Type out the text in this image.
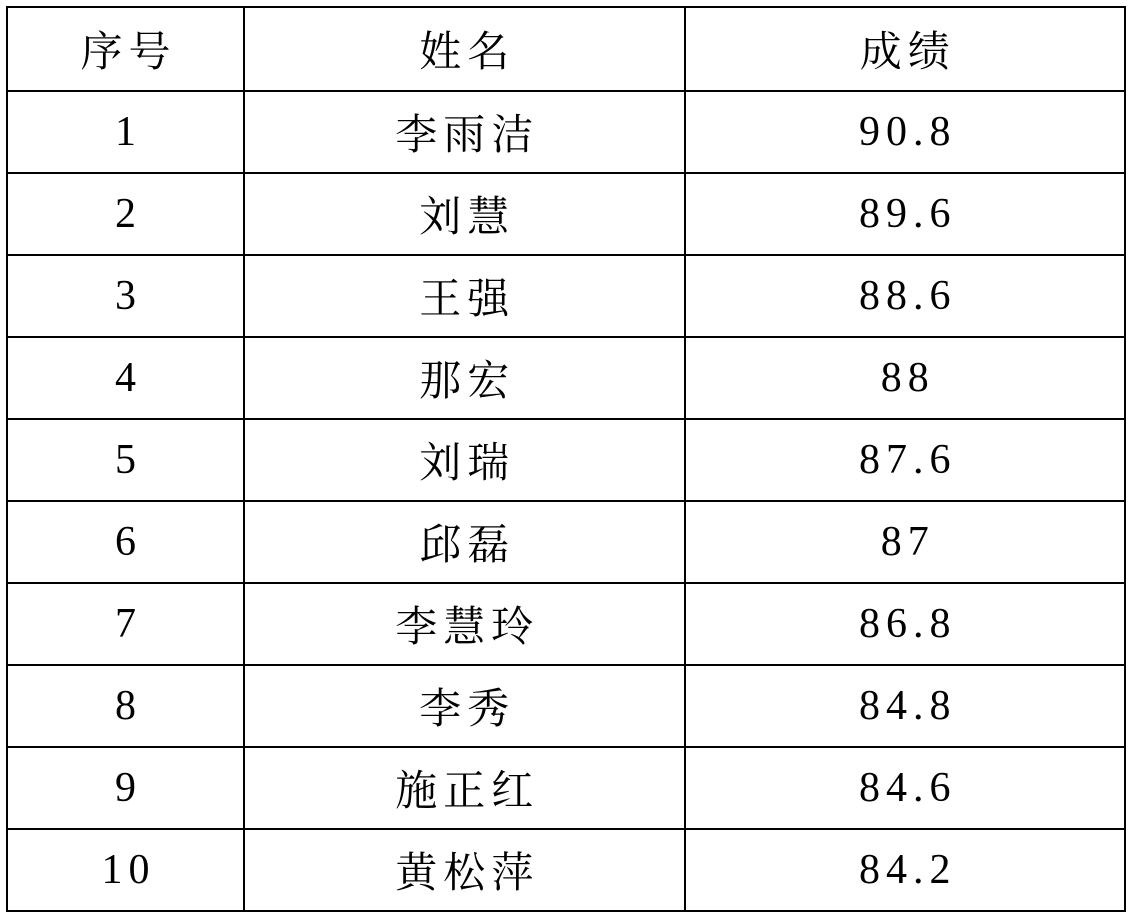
序号	姓名	成绩
1	李雨洁	90.8
2	刘慧	89.6
3	王强	88.6
4	那宏	88
5	刘瑞	87.6
6	邱磊	87
7	李慧玲	86.8
8	李秀	84.8
9	施正红	84.6
10	黄松萍	84.2
